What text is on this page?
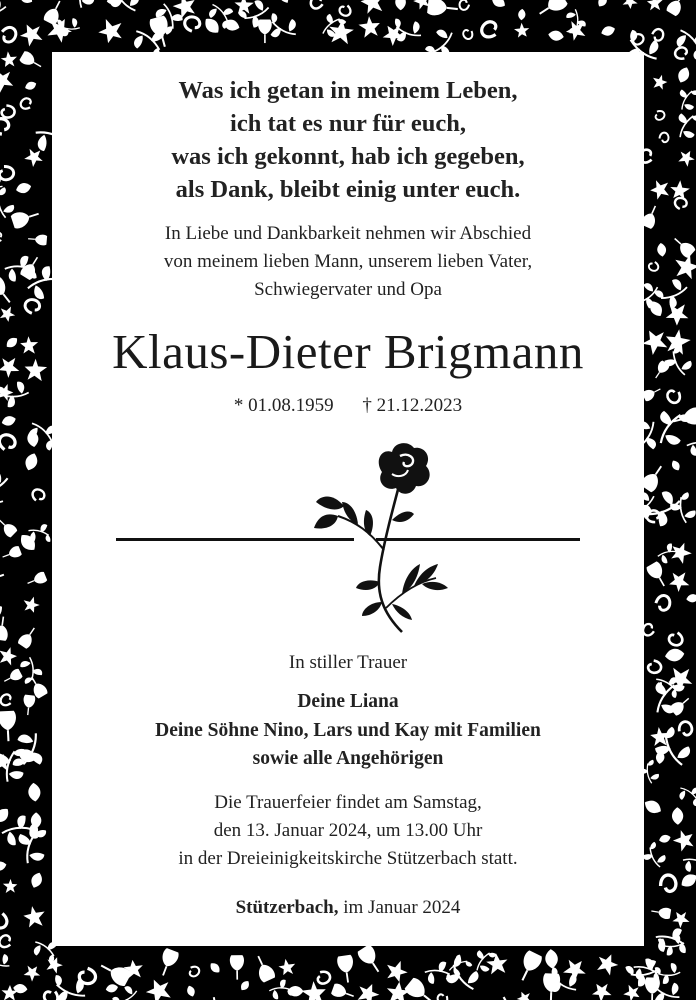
Was ich getan in meinem Leben,
ich tat es nur für euch,
was ich gekonnt, hab ich gegeben,
als Dank, bleibt einig unter euch.
In Liebe und Dankbarkeit nehmen wir Abschied
von meinem lieben Mann, unserem lieben Vater,
Schwiegervater und Opa
Klaus-Dieter Brigmann
* 01.08.1959 † 21.12.2023
In stiller Trauer
Deine Liana
Deine Söhne Nino, Lars und Kay mit Familien
sowie alle Angehörigen
Die Trauerfeier findet am Samstag,
den 13. Januar 2024, um 13.00 Uhr
in der Dreieinigkeitskirche Stützerbach statt.
Stützerbach, im Januar 2024
